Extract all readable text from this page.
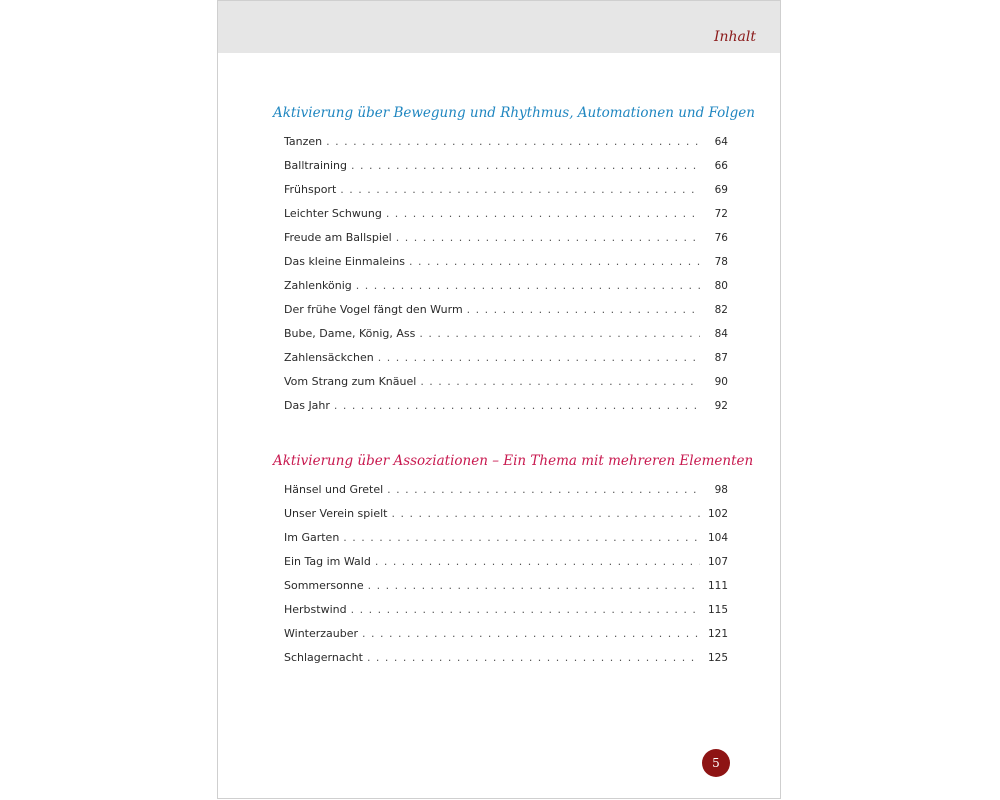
Inhalt
Aktivierung über Bewegung und Rhythmus, Automationen und Folgen
Tanzen . . .	64
Balltraining . . .	66
Frühsport . . .	69
Leichter Schwung . . .	72
Freude am Ballspiel . . .	76
Das kleine Einmaleins . . .	78
Zahlenkönig . . .	80
Der frühe Vogel fängt den Wurm . . .	82
Bube, Dame, König, Ass . . .	84
Zahlensäckchen . . .	87
Vom Strang zum Knäuel . . .	90
Das Jahr . . .	92
Aktivierung über Assoziationen – Ein Thema mit mehreren Elementen
Hänsel und Gretel . . .	98
Unser Verein spielt . . .	102
Im Garten . . .	104
Ein Tag im Wald . . .	107
Sommersonne . . .	111
Herbstwind . . .	115
Winterzauber . . .	121
Schlagernacht . . .	125
5
